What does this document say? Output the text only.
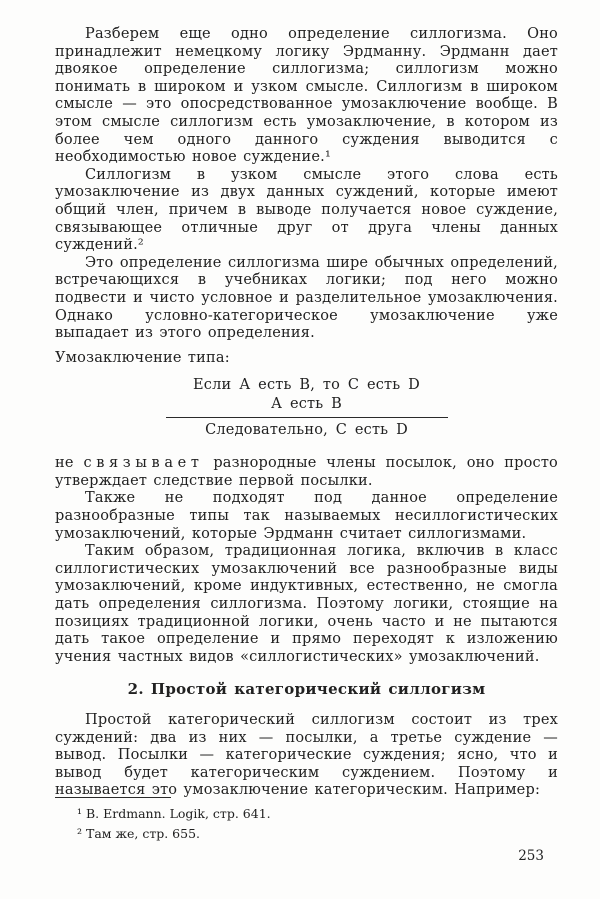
Разберем еще одно определение силлогизма. Оно принадлежит немецкому логику Эрдманну. Эрдманн дает двоякое определение силлогизма; силлогизм можно понимать в широком и узком смысле. Силлогизм в широком смысле — это опосредствованное умозаключение вообще. В этом смысле силлогизм есть умозаключение, в котором из более чем одного данного суждения выводится с необходимостью новое суждение.¹

Силлогизм в узком смысле этого слова есть умозаключение из двух данных суждений, которые имеют общий член, причем в выводе получается новое суждение, связывающее отличные друг от друга члены данных суждений.²

Это определение силлогизма шире обычных определений, встречающихся в учебниках логики; под него можно подвести и чисто условное и разделительное умозаключения. Однако условно-категорическое умозаключение уже выпадает из этого определения.

Умозаключение типа:

Если А есть В, то С есть D
А есть В
Следовательно, С есть D

не связывает разнородные члены посылок, оно просто утверждает следствие первой посылки.

Также не подходят под данное определение разнообразные типы так называемых несиллогистических умозаключений, которые Эрдманн считает силлогизмами.

Таким образом, традиционная логика, включив в класс силлогистических умозаключений все разнообразные виды умозаключений, кроме индуктивных, естественно, не смогла дать определения силлогизма. Поэтому логики, стоящие на позициях традиционной логики, очень часто и не пытаются дать такое определение и прямо переходят к изложению учения частных видов «силлогистических» умозаключений.

2. Простой категорический силлогизм

Простой категорический силлогизм состоит из трех суждений: два из них — посылки, а третье суждение — вывод. Посылки — категорические суждения; ясно, что и вывод будет категорическим суждением. Поэтому и называется это умозаключение категорическим. Например:

¹ B. Erdmann. Logik, стр. 641.

² Там же, стр. 655.

253
